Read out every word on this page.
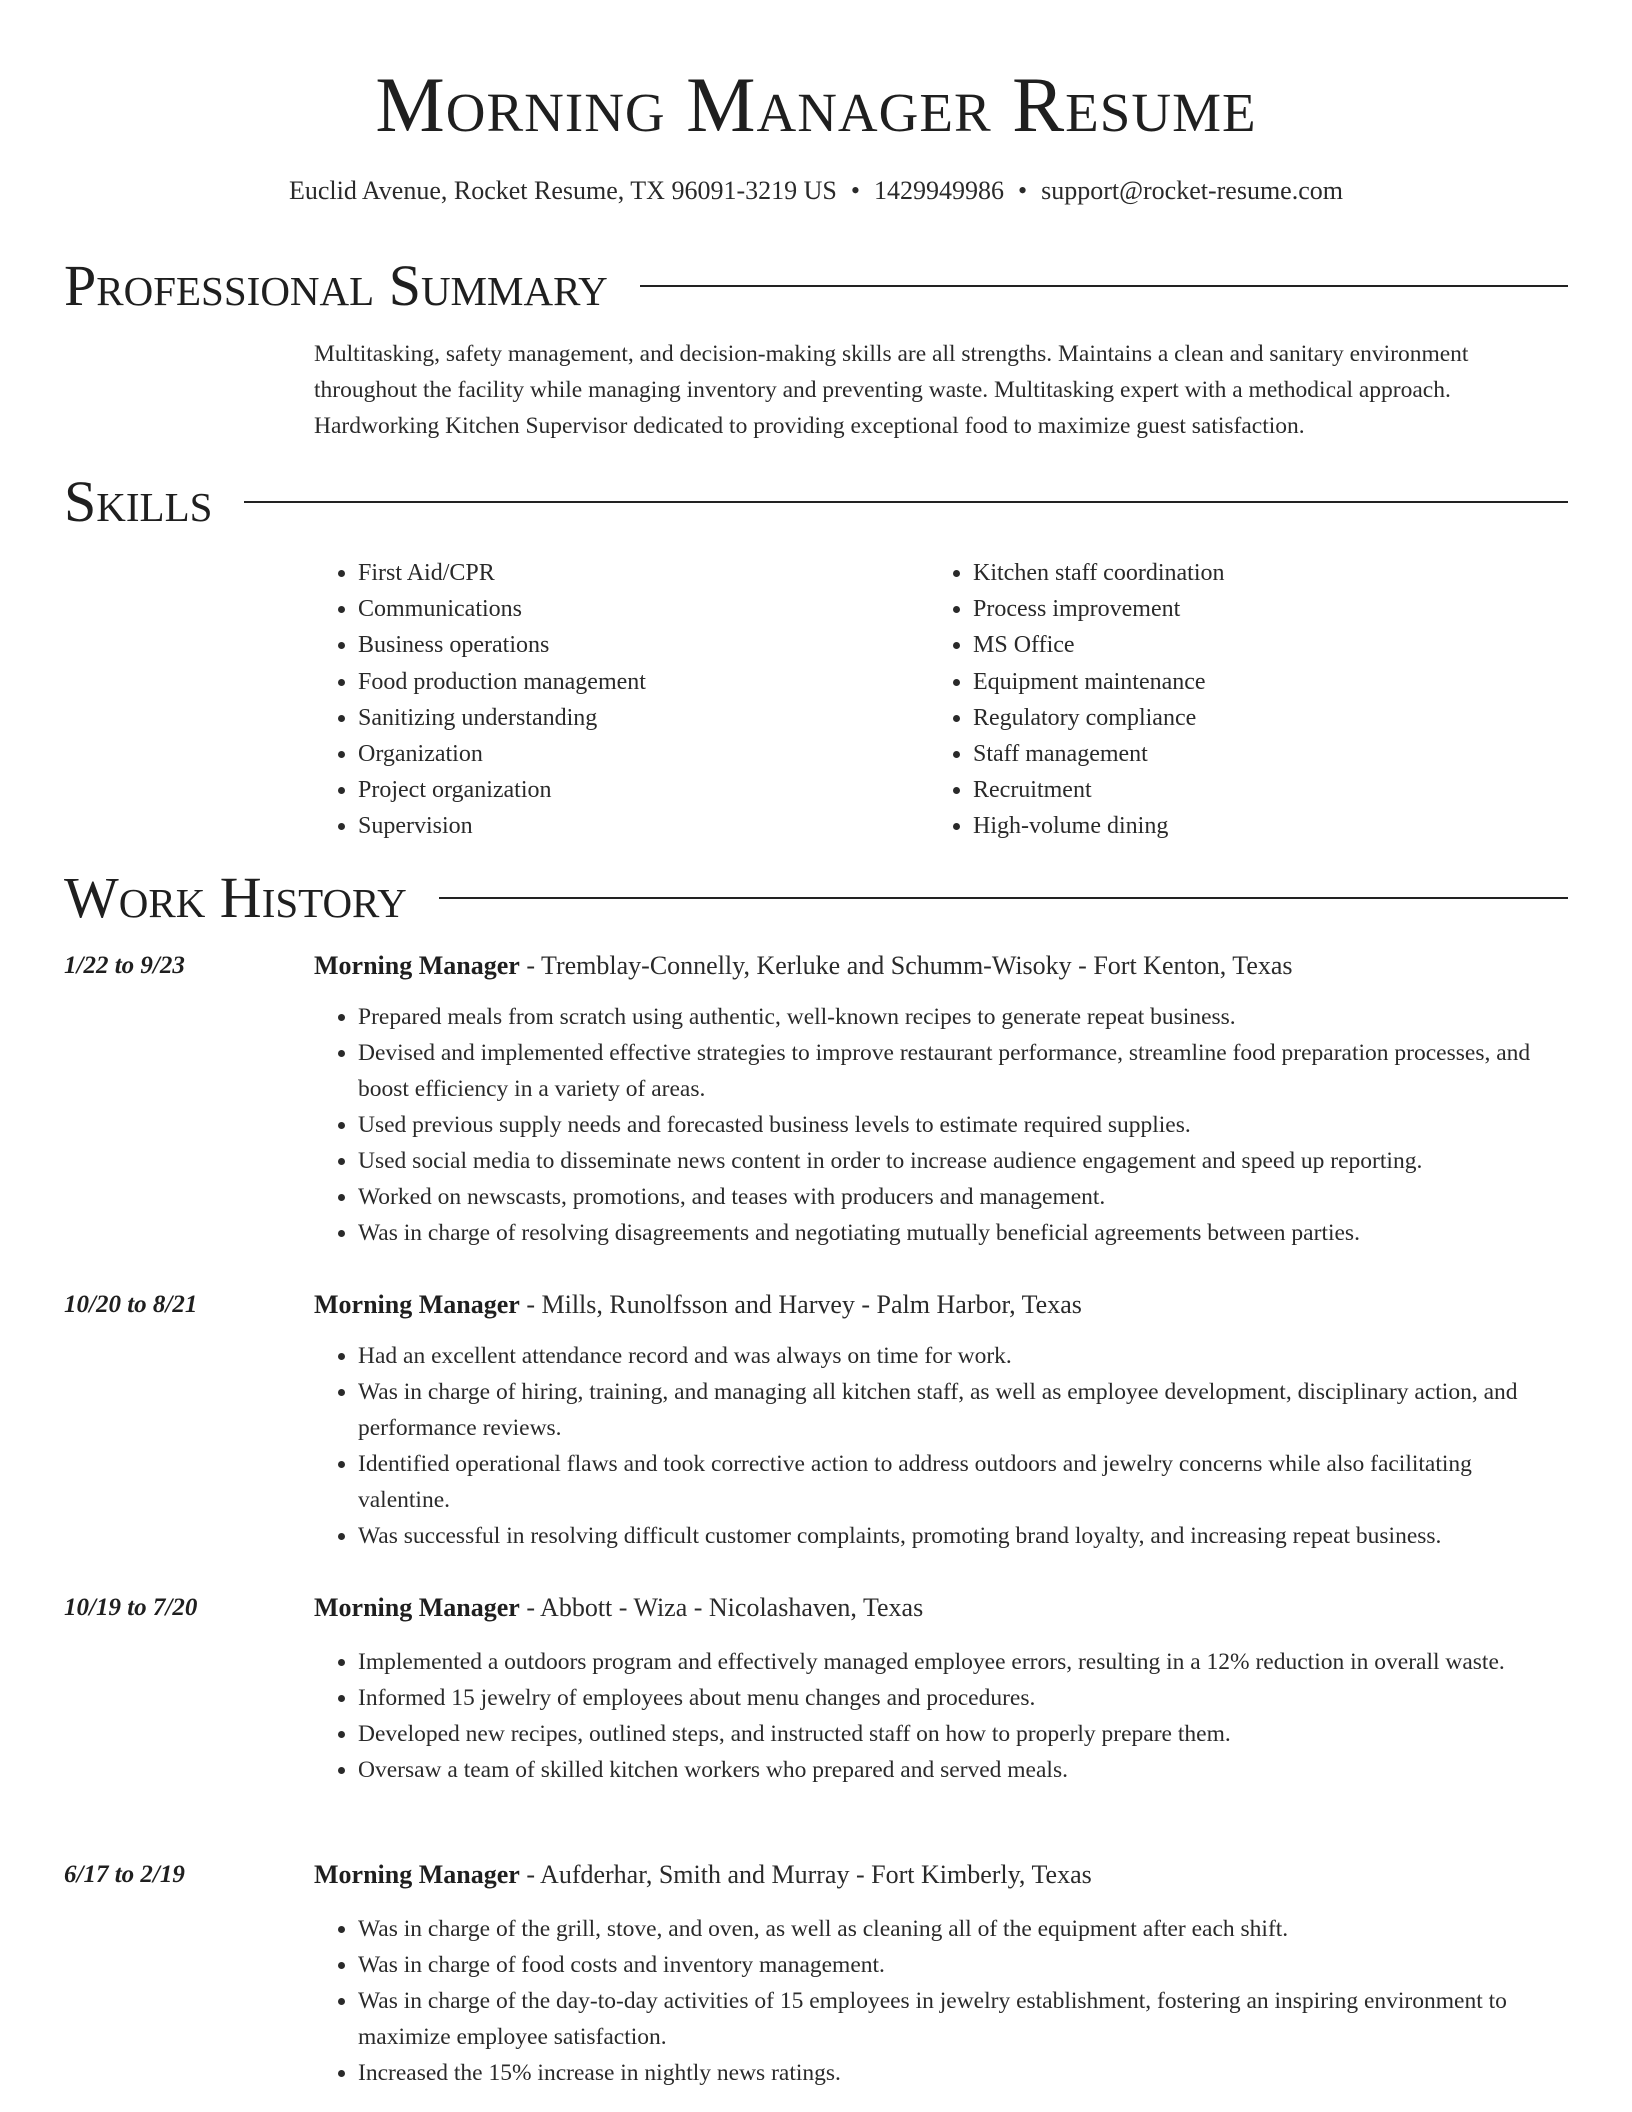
Morning Manager Resume
Euclid Avenue, Rocket Resume, TX 96091-3219 US • 1429949986 • support@rocket-resume.com
Professional Summary
Multitasking, safety management, and decision-making skills are all strengths. Maintains a clean and sanitary environment throughout the facility while managing inventory and preventing waste. Multitasking expert with a methodical approach. Hardworking Kitchen Supervisor dedicated to providing exceptional food to maximize guest satisfaction.
Skills
• First Aid/CPR
• Communications
• Business operations
• Food production management
• Sanitizing understanding
• Organization
• Project organization
• Supervision
• Kitchen staff coordination
• Process improvement
• MS Office
• Equipment maintenance
• Regulatory compliance
• Staff management
• Recruitment
• High-volume dining
Work History
1/22 to 9/23	Morning Manager - Tremblay-Connelly, Kerluke and Schumm-Wisoky - Fort Kenton, Texas
• Prepared meals from scratch using authentic, well-known recipes to generate repeat business.
• Devised and implemented effective strategies to improve restaurant performance, streamline food preparation processes, and boost efficiency in a variety of areas.
• Used previous supply needs and forecasted business levels to estimate required supplies.
• Used social media to disseminate news content in order to increase audience engagement and speed up reporting.
• Worked on newscasts, promotions, and teases with producers and management.
• Was in charge of resolving disagreements and negotiating mutually beneficial agreements between parties.
10/20 to 8/21	Morning Manager - Mills, Runolfsson and Harvey - Palm Harbor, Texas
• Had an excellent attendance record and was always on time for work.
• Was in charge of hiring, training, and managing all kitchen staff, as well as employee development, disciplinary action, and performance reviews.
• Identified operational flaws and took corrective action to address outdoors and jewelry concerns while also facilitating valentine.
• Was successful in resolving difficult customer complaints, promoting brand loyalty, and increasing repeat business.
10/19 to 7/20	Morning Manager - Abbott - Wiza - Nicolashaven, Texas
• Implemented a outdoors program and effectively managed employee errors, resulting in a 12% reduction in overall waste.
• Informed 15 jewelry of employees about menu changes and procedures.
• Developed new recipes, outlined steps, and instructed staff on how to properly prepare them.
• Oversaw a team of skilled kitchen workers who prepared and served meals.
6/17 to 2/19	Morning Manager - Aufderhar, Smith and Murray - Fort Kimberly, Texas
• Was in charge of the grill, stove, and oven, as well as cleaning all of the equipment after each shift.
• Was in charge of food costs and inventory management.
• Was in charge of the day-to-day activities of 15 employees in jewelry establishment, fostering an inspiring environment to maximize employee satisfaction.
• Increased the 15% increase in nightly news ratings.
